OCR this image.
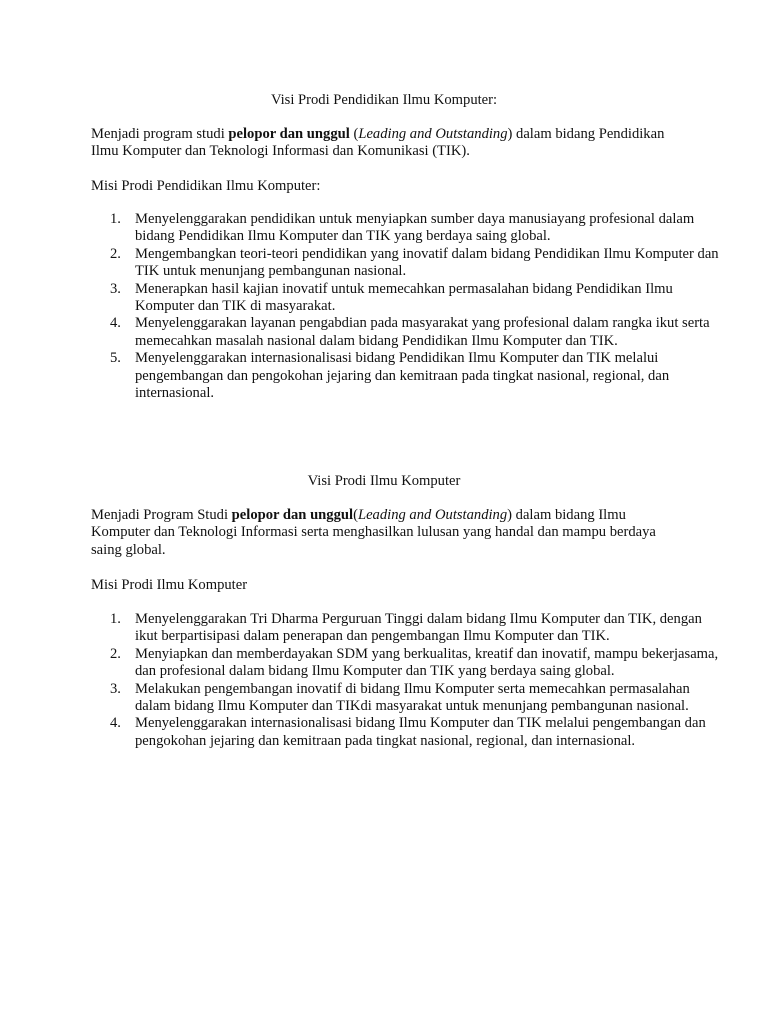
Visi Prodi Pendidikan Ilmu Komputer:

Menjadi program studi pelopor dan unggul (Leading and Outstanding) dalam bidang Pendidikan Ilmu Komputer dan Teknologi Informasi dan Komunikasi (TIK).

Misi Prodi Pendidikan Ilmu Komputer:

1. Menyelenggarakan pendidikan untuk menyiapkan sumber daya manusiayang profesional dalam bidang Pendidikan Ilmu Komputer dan TIK yang berdaya saing global.
2. Mengembangkan teori-teori pendidikan yang inovatif dalam bidang Pendidikan Ilmu Komputer dan TIK untuk menunjang pembangunan nasional.
3. Menerapkan hasil kajian inovatif untuk memecahkan permasalahan bidang Pendidikan Ilmu Komputer dan TIK di masyarakat.
4. Menyelenggarakan layanan pengabdian pada masyarakat yang profesional dalam rangka ikut serta memecahkan masalah nasional dalam bidang Pendidikan Ilmu Komputer dan TIK.
5. Menyelenggarakan internasionalisasi bidang Pendidikan Ilmu Komputer dan TIK melalui pengembangan dan pengokohan jejaring dan kemitraan pada tingkat nasional, regional, dan internasional.

Visi Prodi Ilmu Komputer

Menjadi Program Studi pelopor dan unggul(Leading and Outstanding) dalam bidang Ilmu Komputer dan Teknologi Informasi serta menghasilkan lulusan yang handal dan mampu berdaya saing global.

Misi Prodi Ilmu Komputer

1. Menyelenggarakan Tri Dharma Perguruan Tinggi dalam bidang Ilmu Komputer dan TIK, dengan ikut berpartisipasi dalam penerapan dan pengembangan Ilmu Komputer dan TIK.
2. Menyiapkan dan memberdayakan SDM yang berkualitas, kreatif dan inovatif, mampu bekerjasama, dan profesional dalam bidang Ilmu Komputer dan TIK yang berdaya saing global.
3. Melakukan pengembangan inovatif di bidang Ilmu Komputer serta memecahkan permasalahan dalam bidang Ilmu Komputer dan TIKdi masyarakat untuk menunjang pembangunan nasional.
4. Menyelenggarakan internasionalisasi bidang Ilmu Komputer dan TIK melalui pengembangan dan pengokohan jejaring dan kemitraan pada tingkat nasional, regional, dan internasional.
